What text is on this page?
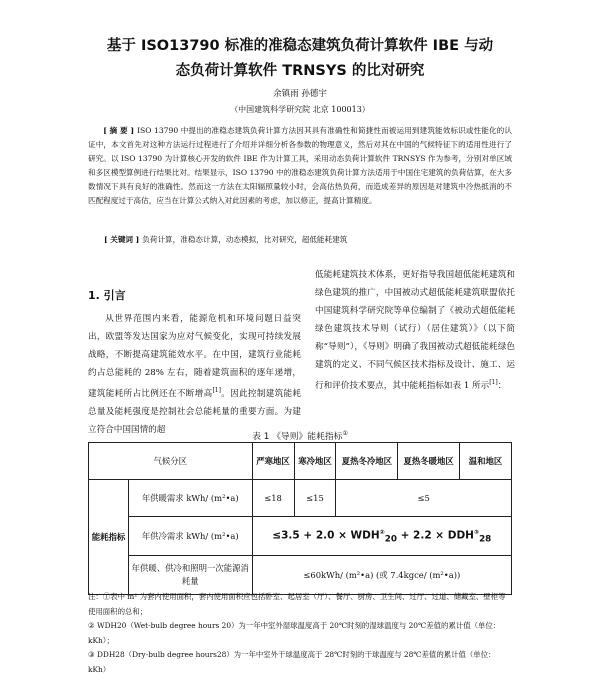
基于 ISO13790 标准的准稳态建筑负荷计算软件 IBE 与动
态负荷计算软件 TRNSYS 的比对研究
余镇雨 孙德宇
（中国建筑科学研究院 北京 100013）
[ 摘 要 ] ISO 13790 中提出的准稳态建筑负荷计算方法因其具有准确性和简捷性而被运用到建筑能效标识或性能化的认证中，本文首先对这种方法运行过程进行了介绍并详细分析各参数的物理意义，然后对其在中国的气候特征下的适用性进行了研究。以 ISO 13790 为计算核心开发的软件 IBE 作为计算工具，采用动态负荷计算软件 TRNSYS 作为参考，分别对单区域和多区模型算例进行结果比对。结果显示，ISO 13790 中的准稳态建筑负荷计算方法适用于中国住宅建筑的负荷估算，在大多数情况下具有良好的准确性。然而这一方法在太阳辐照量较小时，会高估热负荷，而造成差异的原因是对建筑中冷热抵消的不匹配程度过于高估，应当在计算公式纳入对此因素的考虑，加以修正，提高计算精度。
[ 关键词 ] 负荷计算，准稳态计算，动态模拟，比对研究，超低能耗建筑
1. 引言

从世界范围内来看，能源危机和环境问题日益突出，欧盟等发达国家为应对气候变化，实现可持续发展战略，不断提高建筑能效水平。在中国，建筑行业能耗约占总能耗的 28% 左右，随着建筑面积的逐年递增，建筑能耗所占比例还在不断增高[1]。因此控制建筑能耗总量及能耗强度是控制社会总能耗量的重要方面。为建立符合中国国情的超

低能耗建筑技术体系，更好指导我国超低能耗建筑和绿色建筑的推广，中国被动式超低能耗建筑联盟依托中国建筑科学研究院等单位编制了《被动式超低能耗绿色建筑技术导则（试行）（居住建筑）》（以下简称“导则”），《导则》明确了我国被动式超低能耗绿色建筑的定义、不同气候区技术指标及设计、施工、运行和评价技术要点，其中能耗指标如表 1 所示[1]：

表 1 《导则》能耗指标①
气候分区		严寒地区	寒冷地区	夏热冬冷地区	夏热冬暖地区	温和地区
能耗指标	年供暖需求 kWh/ (m²•a)	≤18	≤15	≤5		
	年供冷需求 kWh/ (m²•a)	$\le 3.5 + 2.0 \times WDH^②_{20} + 2.2 \times DDH^③_{28}$
	年供暖、供冷和照明一次能源消耗量	≤60kWh/ (m²•a) (或 7.4kgce/ (m²•a))				
注：①表中 m² 为套内使用面积，套内使用面积应包括卧室、起居室（厅）、餐厅、厨房、卫生间、过厅、过道、储藏室、壁柜等使用面积的总和；
② WDH20（Wet-bulb degree hours 20）为一年中室外湿球温度高于 20℃时刻的湿球温度与 20℃差值的累计值（单位：kKh）；
③ DDH28（Dry-bulb degree hours28）为一年中室外干球温度高于 28℃时刻的干球温度与 28℃差值的累计值（单位：kKh）
